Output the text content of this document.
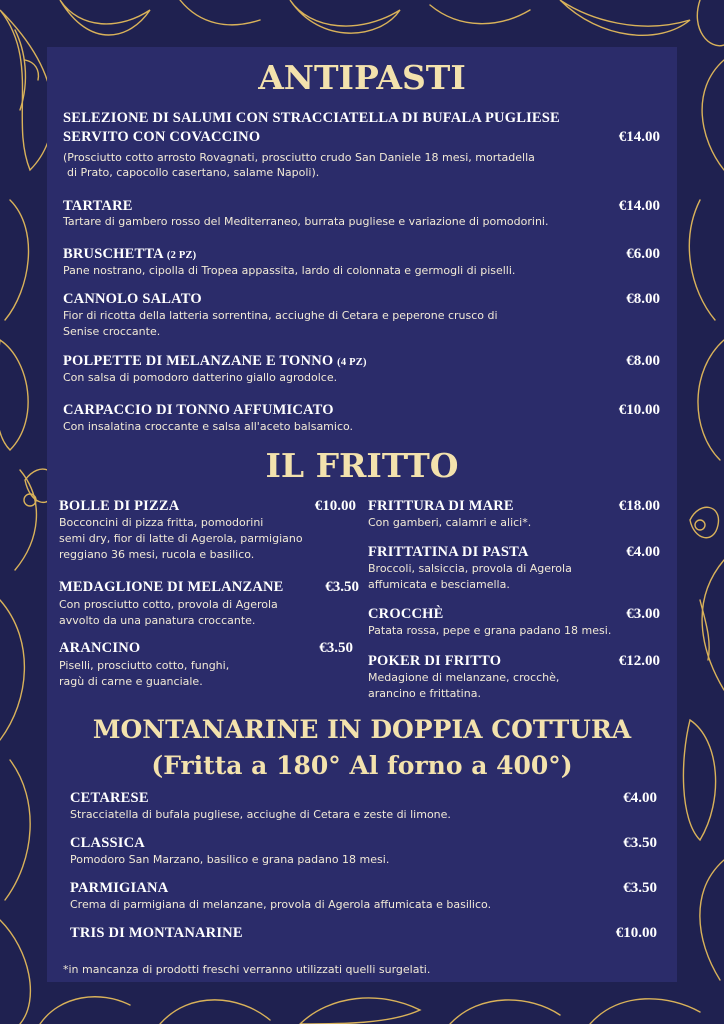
ANTIPASTI
SELEZIONE DI SALUMI CON STRACCIATELLA DI BUFALA PUGLIESE
SERVITO CON COVACCINO	€14.00
(Prosciutto cotto arrosto Rovagnati, prosciutto crudo San Daniele 18 mesi, mortadella
di Prato, capocollo casertano, salame Napoli).
TARTARE	€14.00
Tartare di gambero rosso del Mediterraneo, burrata pugliese e variazione di pomodorini.
BRUSCHETTA (2 PZ)	€6.00
Pane nostrano, cipolla di Tropea appassita, lardo di colonnata e germogli di piselli.
CANNOLO SALATO	€8.00
Fior di ricotta della latteria sorrentina, acciughe di Cetara e peperone crusco di
Senise croccante.
POLPETTE DI MELANZANE E TONNO (4 PZ)	€8.00
Con salsa di pomodoro datterino giallo agrodolce.
CARPACCIO DI TONNO AFFUMICATO	€10.00
Con insalatina croccante e salsa all'aceto balsamico.
IL FRITTO
BOLLE DI PIZZA	€10.00
Bocconcini di pizza fritta, pomodorini
semi dry, fior di latte di Agerola, parmigiano
reggiano 36 mesi, rucola e basilico.
MEDAGLIONE DI MELANZANE	€3.50
Con prosciutto cotto, provola di Agerola
avvolto da una panatura croccante.
ARANCINO	€3.50
Piselli, prosciutto cotto, funghi,
ragù di carne e guanciale.
FRITTURA DI MARE	€18.00
Con gamberi, calamri e alici*.
FRITTATINA DI PASTA	€4.00
Broccoli, salsiccia, provola di Agerola
affumicata e besciamella.
CROCCHÈ	€3.00
Patata rossa, pepe e grana padano 18 mesi.
POKER DI FRITTO	€12.00
Medagione di melanzane, crocchè,
arancino e frittatina.
MONTANARINE IN DOPPIA COTTURA
(Fritta a 180° Al forno a 400°)
CETARESE	€4.00
Stracciatella di bufala pugliese, acciughe di Cetara e zeste di limone.
CLASSICA	€3.50
Pomodoro San Marzano, basilico e grana padano 18 mesi.
PARMIGIANA	€3.50
Crema di parmigiana di melanzane, provola di Agerola affumicata e basilico.
TRIS DI MONTANARINE	€10.00
*in mancanza di prodotti freschi verranno utilizzati quelli surgelati.
